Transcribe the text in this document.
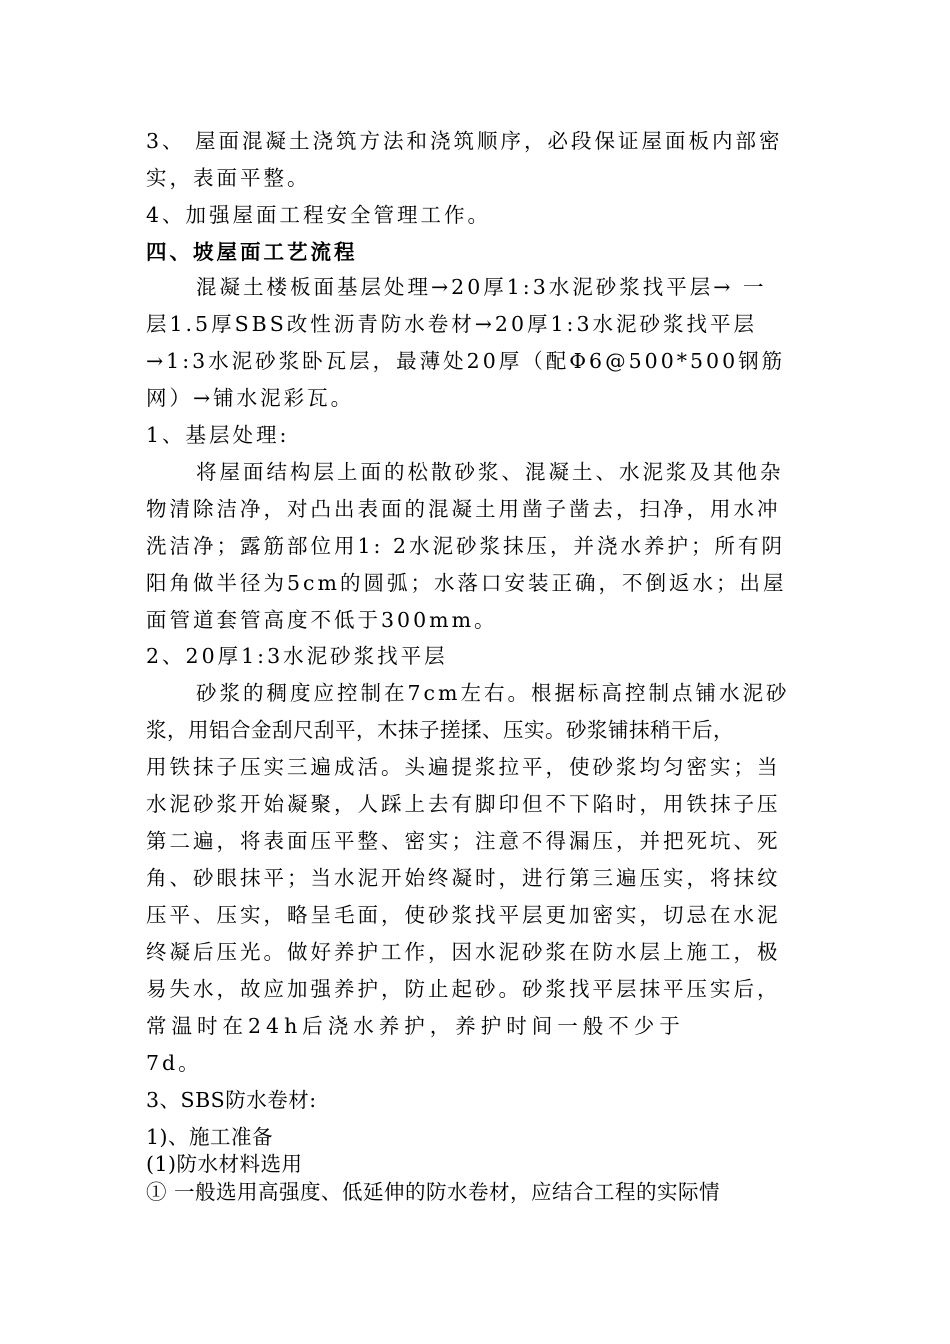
3、 屋面混凝土浇筑方法和浇筑顺序，必段保证屋面板内部密
实，表面平整。
4、加强屋面工程安全管理工作。
四、坡屋面工艺流程
混凝土楼板面基层处理→20厚1:3水泥砂浆找平层→ 一
层1.5厚SBS改性沥青防水卷材→20厚1:3水泥砂浆找平层
→1:3水泥砂浆卧瓦层，最薄处20厚（配Φ6@500*500钢筋
网）→铺水泥彩瓦。
1、基层处理:
将屋面结构层上面的松散砂浆、混凝土、水泥浆及其他杂
物清除洁净，对凸出表面的混凝土用凿子凿去，扫净，用水冲
洗洁净；露筋部位用1: 2水泥砂浆抹压，并浇水养护；所有阴
阳角做半径为5cm的圆弧；水落口安装正确，不倒返水；出屋
面管道套管高度不低于300mm。
2、20厚1:3水泥砂浆找平层
砂浆的稠度应控制在7cm左右。根据标高控制点铺水泥砂
浆，用铝合金刮尺刮平，木抹子搓揉、压实。砂浆铺抹稍干后，
用铁抹子压实三遍成活。头遍提浆拉平，使砂浆均匀密实；当
水泥砂浆开始凝聚，人踩上去有脚印但不下陷时，用铁抹子压
第二遍，将表面压平整、密实；注意不得漏压，并把死坑、死
角、砂眼抹平；当水泥开始终凝时，进行第三遍压实，将抹纹
压平、压实，略呈毛面，使砂浆找平层更加密实，切忌在水泥
终凝后压光。做好养护工作，因水泥砂浆在防水层上施工，极
易失水，故应加强养护，防止起砂。砂浆找平层抹平压实后，
常温时在24h后浇水养护，养护时间一般不少于
7d。
3、SBS防水卷材:
1)、施工准备
(1)防水材料选用
① 一般选用高强度、低延伸的防水卷材，应结合工程的实际情
